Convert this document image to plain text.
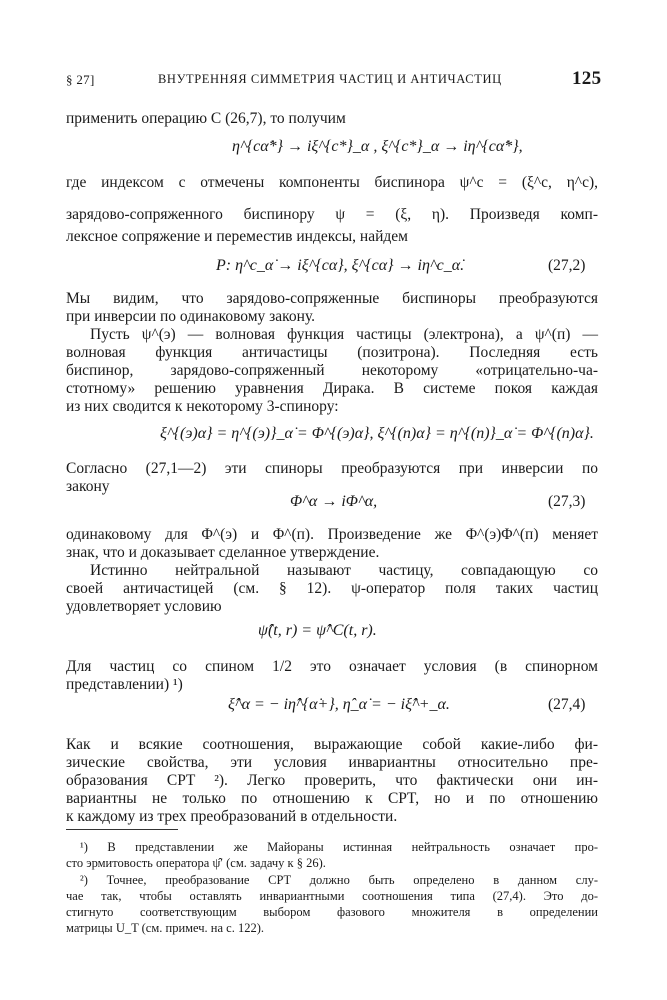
§ 27]	ВНУТРЕННЯЯ СИММЕТРИЯ ЧАСТИЦ И АНТИЧАСТИЦ	125
применить операцию C (26,7), то получим
η^{cα̇*} → iξ^{c*}_α , ξ^{c*}_α → iη^{cα̇*},
где индексом c отмечены компоненты биспинора ψ^c = (ξ^c, η^c),
зарядово-сопряженного биспинору ψ = (ξ, η). Произведя комп-
лексное сопряжение и переместив индексы, найдем
P: η^c_α̇ → iξ^{cα}, ξ^{cα} → iη^c_α̇.	(27,2)
Мы видим, что зарядово-сопряженные биспиноры преобразуются
при инверсии по одинаковому закону.
Пусть ψ^(э) — волновая функция частицы (электрона), а ψ^(п) —
волновая функция античастицы (позитрона). Последняя есть
биспинор, зарядово-сопряженный некоторому «отрицательно-ча-
стотному» решению уравнения Дирака. В системе покоя каждая
из них сводится к некоторому 3-спинору:
ξ^{(э)α} = η^{(э)}_α̇ = Φ^{(э)α}, ξ^{(п)α} = η^{(п)}_α̇ = Φ^{(п)α}.
Согласно (27,1—2) эти спиноры преобразуются при инверсии по
закону
Φ^α → iΦ^α,	(27,3)
одинаковому для Φ^(э) и Φ^(п). Произведение же Φ^(э)Φ^(п) меняет
знак, что и доказывает сделанное утверждение.
Истинно нейтральной называют частицу, совпадающую со
своей античастицей (см. § 12). ψ-оператор поля таких частиц
удовлетворяет условию
ψ̂(t, r) = ψ̂^C(t, r).
Для частиц со спином 1/2 это означает условия (в спинорном
представлении) ¹)
ξ̂^α = − iη̂^{α̇+}, η̂_α̇ = − iξ̂^+_α.	(27,4)
Как и всякие соотношения, выражающие собой какие-либо фи-
зические свойства, эти условия инвариантны относительно пре-
образования CPT ²). Легко проверить, что фактически они ин-
вариантны не только по отношению к CPT, но и по отношению
к каждому из трех преобразований в отдельности.
¹) В представлении же Майораны истинная нейтральность означает про-
сто эрмитовость оператора ψ̂′ (см. задачу к § 26).
²) Точнее, преобразование CPT должно быть определено в данном слу-
чае так, чтобы оставлять инвариантными соотношения типа (27,4). Это до-
стигнуто соответствующим выбором фазового множителя в определении
матрицы U_T (см. примеч. на с. 122).
